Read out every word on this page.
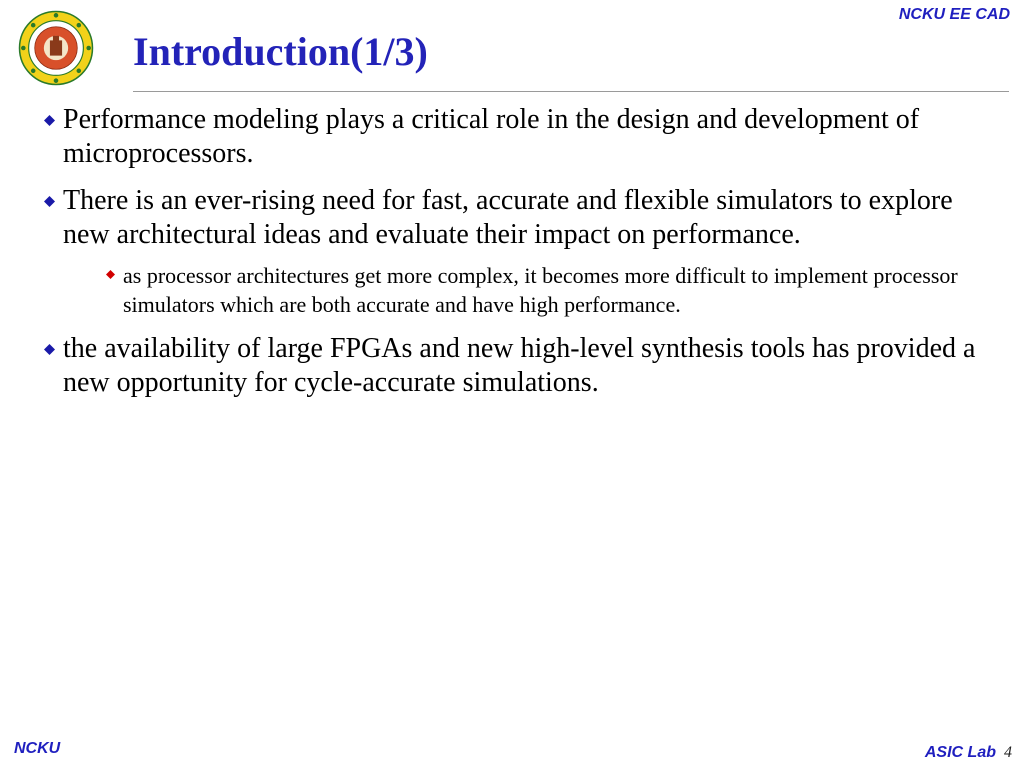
NCKU EE CAD
Introduction(1/3)
Performance modeling plays a critical role in the design and development of microprocessors.
There is an ever-rising need for fast, accurate and flexible simulators to explore new architectural ideas and evaluate their impact on performance.
as processor architectures get more complex, it becomes more difficult to implement processor simulators which are both accurate and have high performance.
the availability of large FPGAs and new high-level synthesis tools has provided a new opportunity for cycle-accurate simulations.
NCKU	ASIC Lab 4
